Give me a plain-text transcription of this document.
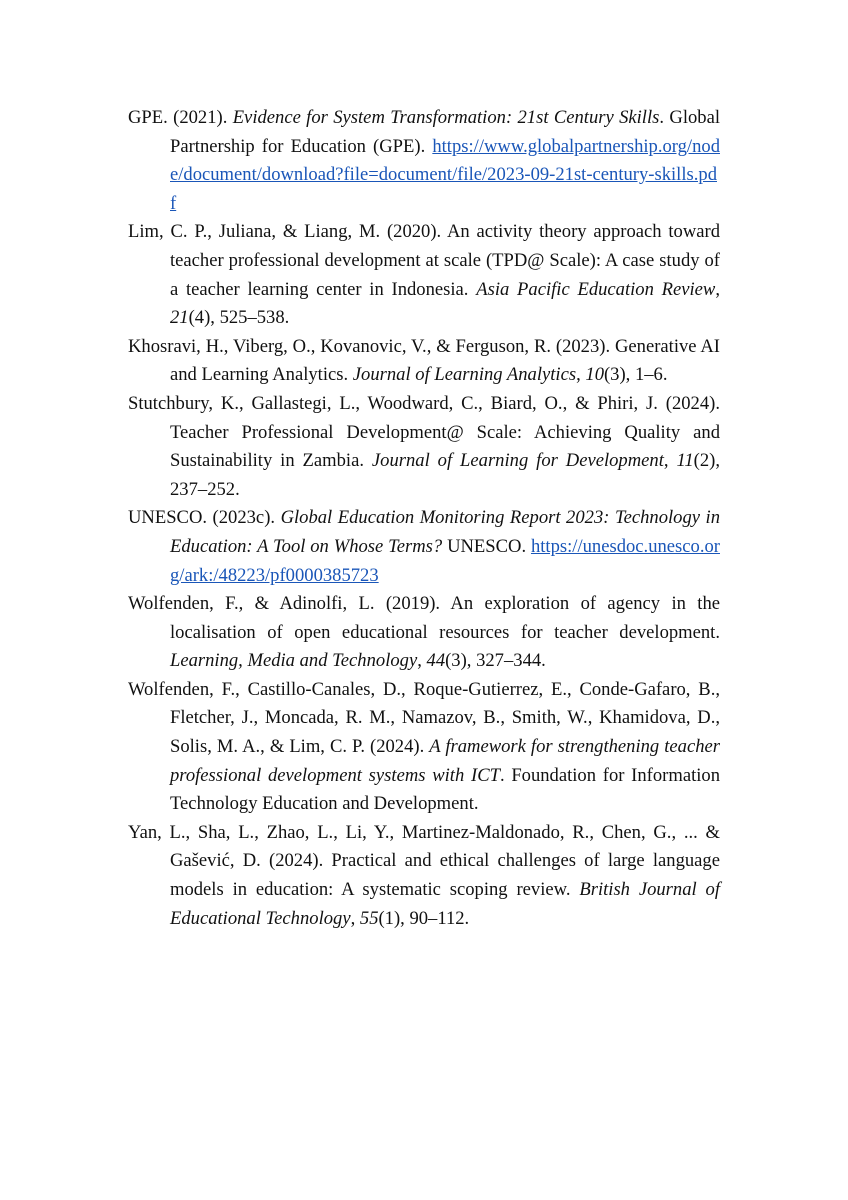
GPE. (2021). Evidence for System Transformation: 21st Century Skills. Global Partnership for Education (GPE). https://www.globalpartnership.org/node/document/download?file=document/file/2023-09-21st-century-skills.pdf

Lim, C. P., Juliana, & Liang, M. (2020). An activity theory approach toward teacher professional development at scale (TPD@ Scale): A case study of a teacher learning center in Indonesia. Asia Pacific Education Review, 21(4), 525–538.

Khosravi, H., Viberg, O., Kovanovic, V., & Ferguson, R. (2023). Generative AI and Learning Analytics. Journal of Learning Analytics, 10(3), 1–6.

Stutchbury, K., Gallastegi, L., Woodward, C., Biard, O., & Phiri, J. (2024). Teacher Professional Development@ Scale: Achieving Quality and Sustainability in Zambia. Journal of Learning for Development, 11(2), 237–252.

UNESCO. (2023c). Global Education Monitoring Report 2023: Technology in Education: A Tool on Whose Terms? UNESCO. https://unesdoc.unesco.org/ark:/48223/pf0000385723

Wolfenden, F., & Adinolfi, L. (2019). An exploration of agency in the localisation of open educational resources for teacher development. Learning, Media and Technology, 44(3), 327–344.

Wolfenden, F., Castillo-Canales, D., Roque-Gutierrez, E., Conde-Gafaro, B., Fletcher, J., Moncada, R. M., Namazov, B., Smith, W., Khamidova, D., Solis, M. A., & Lim, C. P. (2024). A framework for strengthening teacher professional development systems with ICT. Foundation for Information Technology Education and Development.

Yan, L., Sha, L., Zhao, L., Li, Y., Martinez-Maldonado, R., Chen, G., ... & Gašević, D. (2024). Practical and ethical challenges of large language models in education: A systematic scoping review. British Journal of Educational Technology, 55(1), 90–112.
